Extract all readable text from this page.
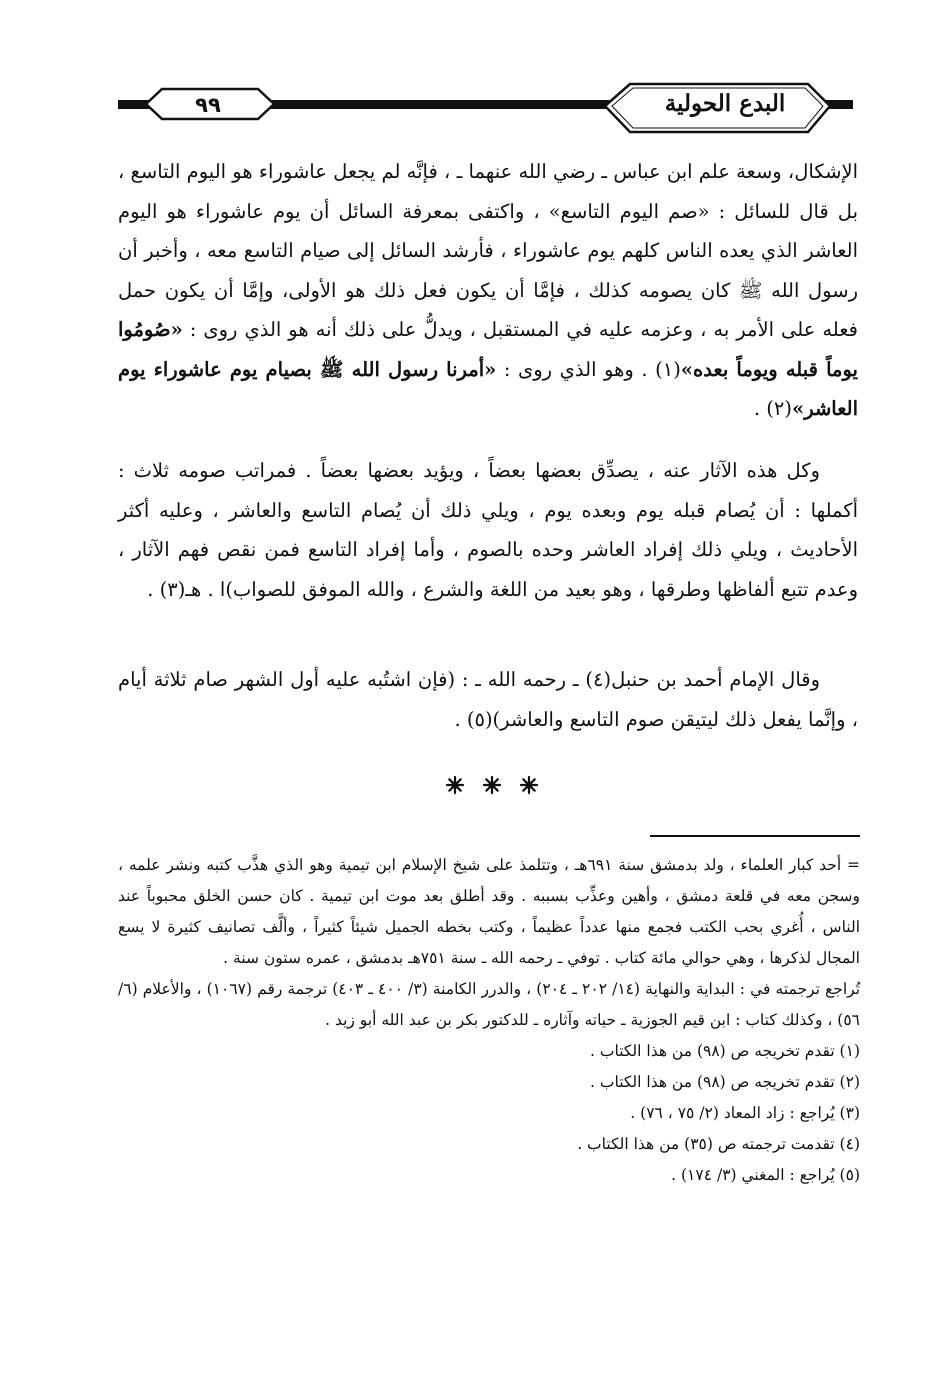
البدع الحولية
٩٩
الإشكال، وسعة علم ابن عباس ـ رضي الله عنهما ـ ، فإنَّه لم يجعل عاشوراء هو اليوم التاسع ، بل قال للسائل : «صم اليوم التاسع» ، واكتفى بمعرفة السائل أن يوم عاشوراء هو اليوم العاشر الذي يعده الناس كلهم يوم عاشوراء ، فأرشد السائل إلى صيام التاسع معه ، وأخبر أن رسول الله ﷺ كان يصومه كذلك ، فإمَّا أن يكون فعل ذلك هو الأولى، وإمَّا أن يكون حمل فعله على الأمر به ، وعزمه عليه في المستقبل ، ويدلُّ على ذلك أنه هو الذي روى : «صُومُوا يوماً قبله ويوماً بعده»(١) . وهو الذي روى : «أمرنا رسول الله ﷺ بصيام يوم عاشوراء يوم العاشر»(٢) .
وكل هذه الآثار عنه ، يصدِّق بعضها بعضاً ، ويؤيد بعضها بعضاً . فمراتب صومه ثلاث : أكملها : أن يُصام قبله يوم وبعده يوم ، ويلي ذلك أن يُصام التاسع والعاشر ، وعليه أكثر الأحاديث ، ويلي ذلك إفراد العاشر وحده بالصوم ، وأما إفراد التاسع فمن نقص فهم الآثار ، وعدم تتبع ألفاظها وطرقها ، وهو بعيد من اللغة والشرع ، والله الموفق للصواب)ا . هـ(٣) .
وقال الإمام أحمد بن حنبل(٤) ـ رحمه الله ـ : (فإن اشتُبه عليه أول الشهر صام ثلاثة أيام ، وإنَّما يفعل ذلك ليتيقن صوم التاسع والعاشر)(٥) .
= أحد كبار العلماء ، ولد بدمشق سنة ٦٩١هـ ، وتتلمذ على شيخ الإسلام ابن تيمية وهو الذي هذَّب كتبه ونشر علمه ، وسجن معه في قلعة دمشق ، وأهين وعذِّب بسببه . وقد أطلق بعد موت ابن تيمية . كان حسن الخلق محبوباً عند الناس ، أُغري بحب الكتب فجمع منها عدداً عظيماً ، وكتب بخطه الجميل شيئاً كثيراً ، وألَّف تصانيف كثيرة لا يسع المجال لذكرها ، وهي حوالي مائة كتاب . توفي ـ رحمه الله ـ سنة ٧٥١هـ بدمشق ، عمره ستون سنة .
تُراجع ترجمته في : البداية والنهاية (١٤/ ٢٠٢ ـ ٢٠٤) ، والدرر الكامنة (٣/ ٤٠٠ ـ ٤٠٣) ترجمة رقم (١٠٦٧) ، والأعلام (٦/ ٥٦) ، وكذلك كتاب : ابن قيم الجوزية ـ حياته وآثاره ـ للدكتور بكر بن عبد الله أبو زيد .
(١) تقدم تخريجه ص (٩٨) من هذا الكتاب .
(٢) تقدم تخريجه ص (٩٨) من هذا الكتاب .
(٣) يُراجع : زاد المعاد (٢/ ٧٥ ، ٧٦) .
(٤) تقدمت ترجمته ص (٣٥) من هذا الكتاب .
(٥) يُراجع : المغني (٣/ ١٧٤) .
